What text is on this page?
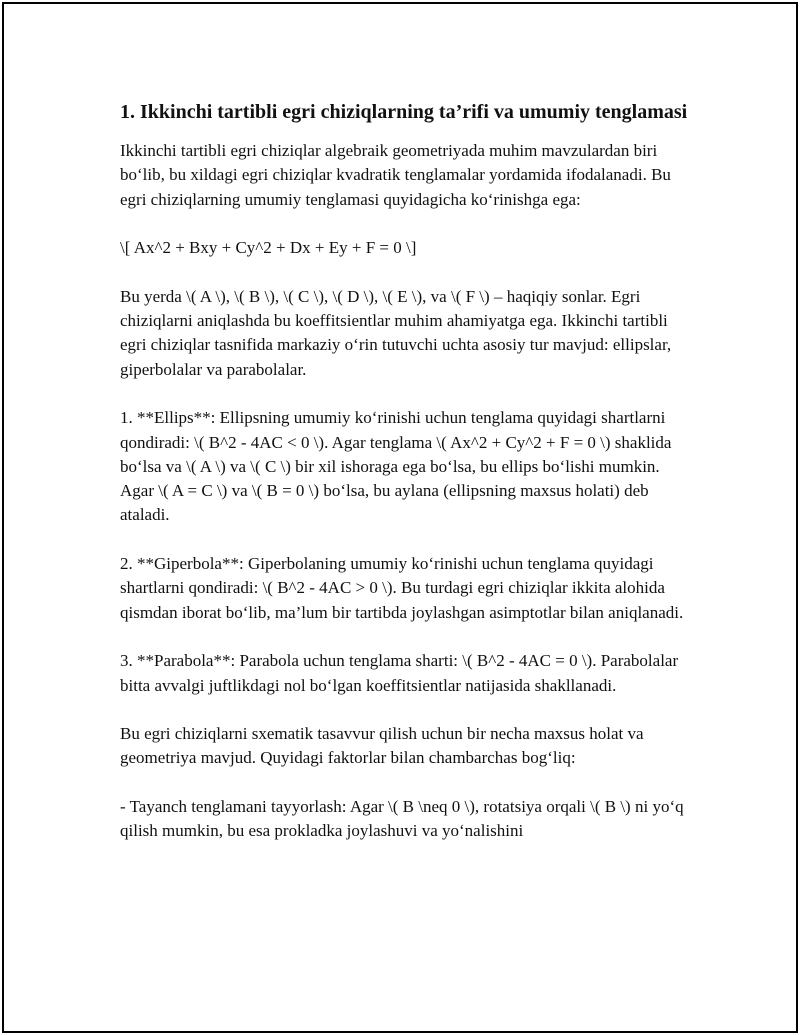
1. Ikkinchi tartibli egri chiziqlarning ta’rifi va umumiy tenglamasi

Ikkinchi tartibli egri chiziqlar algebraik geometriyada muhim mavzulardan biri bo‘lib, bu xildagi egri chiziqlar kvadratik tenglamalar yordamida ifodalanadi. Bu egri chiziqlarning umumiy tenglamasi quyidagicha ko‘rinishga ega:

\[ Ax^2 + Bxy + Cy^2 + Dx + Ey + F = 0 \]

Bu yerda \( A \), \( B \), \( C \), \( D \), \( E \), va \( F \) – haqiqiy sonlar. Egri chiziqlarni aniqlashda bu koeffitsientlar muhim ahamiyatga ega. Ikkinchi tartibli egri chiziqlar tasnifida markaziy o‘rin tutuvchi uchta asosiy tur mavjud: ellipslar, giperbolalar va parabolalar.

1. **Ellips**: Ellipsning umumiy ko‘rinishi uchun tenglama quyidagi shartlarni qondiradi: \( B^2 - 4AC < 0 \). Agar tenglama \( Ax^2 + Cy^2 + F = 0 \) shaklida bo‘lsa va \( A \) va \( C \) bir xil ishoraga ega bo‘lsa, bu ellips bo‘lishi mumkin. Agar \( A = C \) va \( B = 0 \) bo‘lsa, bu aylana (ellipsning maxsus holati) deb ataladi.

2. **Giperbola**: Giperbolaning umumiy ko‘rinishi uchun tenglama quyidagi shartlarni qondiradi: \( B^2 - 4AC > 0 \). Bu turdagi egri chiziqlar ikkita alohida qismdan iborat bo‘lib, ma’lum bir tartibda joylashgan asimptotlar bilan aniqlanadi.

3. **Parabola**: Parabola uchun tenglama sharti: \( B^2 - 4AC = 0 \). Parabolalar bitta avvalgi juftlikdagi nol bo‘lgan koeffitsientlar natijasida shakllanadi.

Bu egri chiziqlarni sxematik tasavvur qilish uchun bir necha maxsus holat va geometriya mavjud. Quyidagi faktorlar bilan chambarchas bog‘liq:

- Tayanch tenglamani tayyorlash: Agar \( B \neq 0 \), rotatsiya orqali \( B \) ni yo‘q qilish mumkin, bu esa prokladka joylashuvi va yo‘nalishini
